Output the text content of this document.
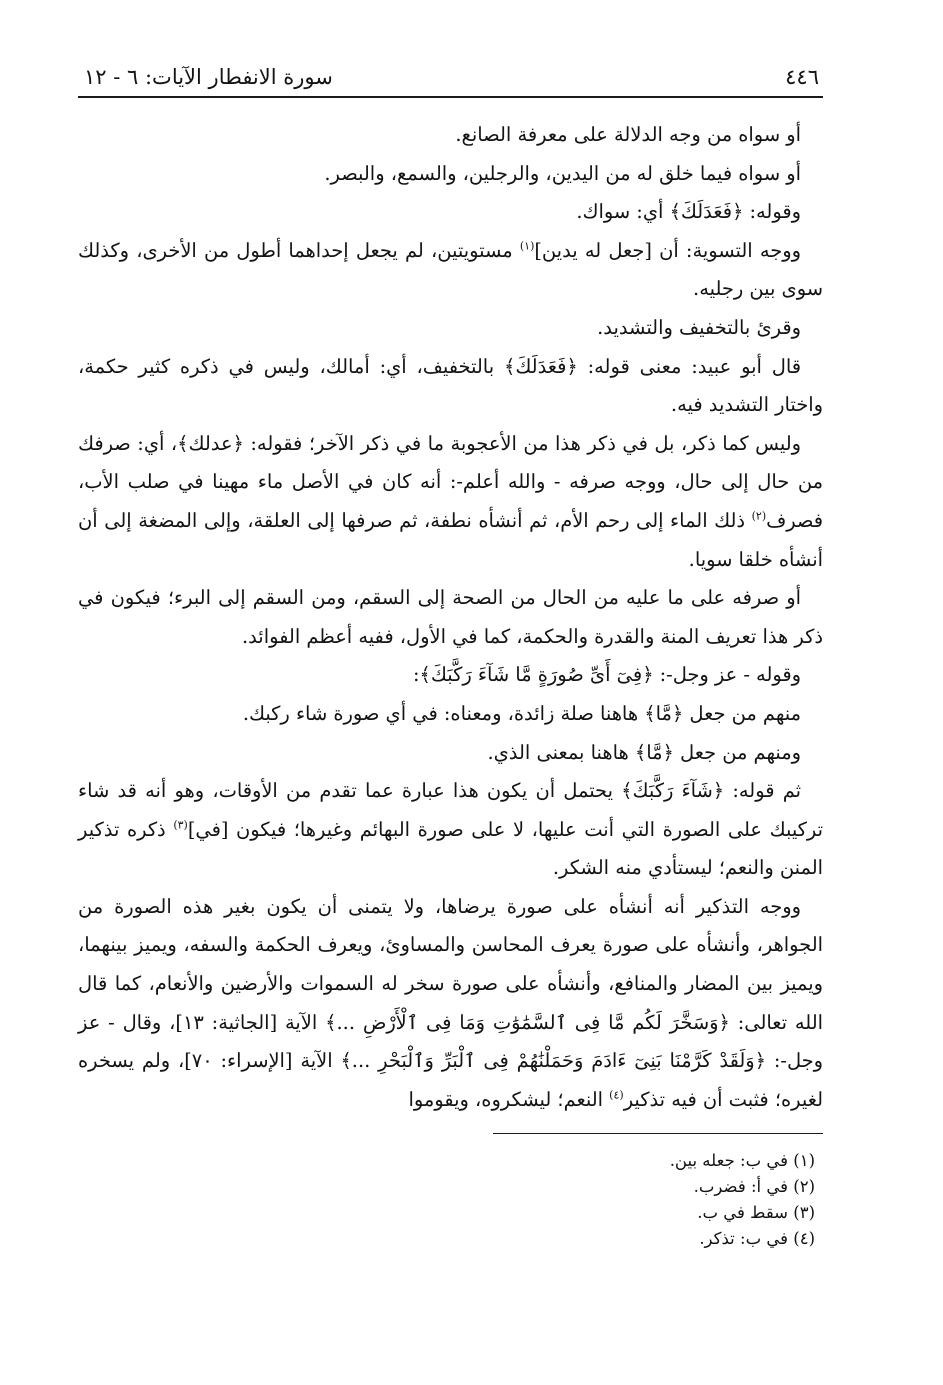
٤٤٦
سورة الانفطار الآيات: ٦ - ١٢

أو سواه من وجه الدلالة على معرفة الصانع.

أو سواه فيما خلق له من اليدين، والرجلين، والسمع، والبصر.

وقوله: ﴿فَعَدَلَكَ﴾ أي: سواك.

ووجه التسوية: أن [جعل له يدين]$^{(١)}$ مستويتين، لم يجعل إحداهما أطول من الأخرى، وكذلك سوى بين رجليه.

وقرئ بالتخفيف والتشديد.

قال أبو عبيد: معنى قوله: ﴿فَعَدَلَكَ﴾ بالتخفيف، أي: أمالك، وليس في ذكره كثير حكمة، واختار التشديد فيه.

وليس كما ذكر، بل في ذكر هذا من الأعجوبة ما في ذكر الآخر؛ فقوله: ﴿عدلك﴾، أي: صرفك من حال إلى حال، ووجه صرفه - والله أعلم-: أنه كان في الأصل ماء مهينا في صلب الأب، فصرف$^{(٢)}$ ذلك الماء إلى رحم الأم، ثم أنشأه نطفة، ثم صرفها إلى العلقة، وإلى المضغة إلى أن أنشأه خلقا سويا.

أو صرفه على ما عليه من الحال من الصحة إلى السقم، ومن السقم إلى البرء؛ فيكون في ذكر هذا تعريف المنة والقدرة والحكمة، كما في الأول، ففيه أعظم الفوائد.

وقوله - عز وجل-: ﴿فِىٓ أَىِّ صُورَةٍ مَّا شَآءَ رَكَّبَكَ﴾:

منهم من جعل ﴿مَّا﴾ هاهنا صلة زائدة، ومعناه: في أي صورة شاء ركبك.

ومنهم من جعل ﴿مَّا﴾ هاهنا بمعنى الذي.

ثم قوله: ﴿شَآءَ رَكَّبَكَ﴾ يحتمل أن يكون هذا عبارة عما تقدم من الأوقات، وهو أنه قد شاء تركيبك على الصورة التي أنت عليها، لا على صورة البهائم وغيرها؛ فيكون [في]$^{(٣)}$ ذكره تذكير المنن والنعم؛ ليستأدي منه الشكر.

ووجه التذكير أنه أنشأه على صورة يرضاها، ولا يتمنى أن يكون بغير هذه الصورة من الجواهر، وأنشأه على صورة يعرف المحاسن والمساوئ، ويعرف الحكمة والسفه، ويميز بينهما، ويميز بين المضار والمنافع، وأنشأه على صورة سخر له السموات والأرضين والأنعام، كما قال الله تعالى: ﴿وَسَخَّرَ لَكُم مَّا فِى ٱلسَّمَٰوَٰتِ وَمَا فِى ٱلْأَرْضِ ...﴾ الآية [الجاثية: ١٣]، وقال - عز وجل-: ﴿وَلَقَدْ كَرَّمْنَا بَنِىٓ ءَادَمَ وَحَمَلْنَٰهُمْ فِى ٱلْبَرِّ وَٱلْبَحْرِ ...﴾ الآية [الإسراء: ٧٠]، ولم يسخره لغيره؛ فثبت أن فيه تذكير$^{(٤)}$ النعم؛ ليشكروه، ويقوموا

(١) في ب: جعله بين.
(٢) في أ: فضرب.
(٣) سقط في ب.
(٤) في ب: تذكر.
